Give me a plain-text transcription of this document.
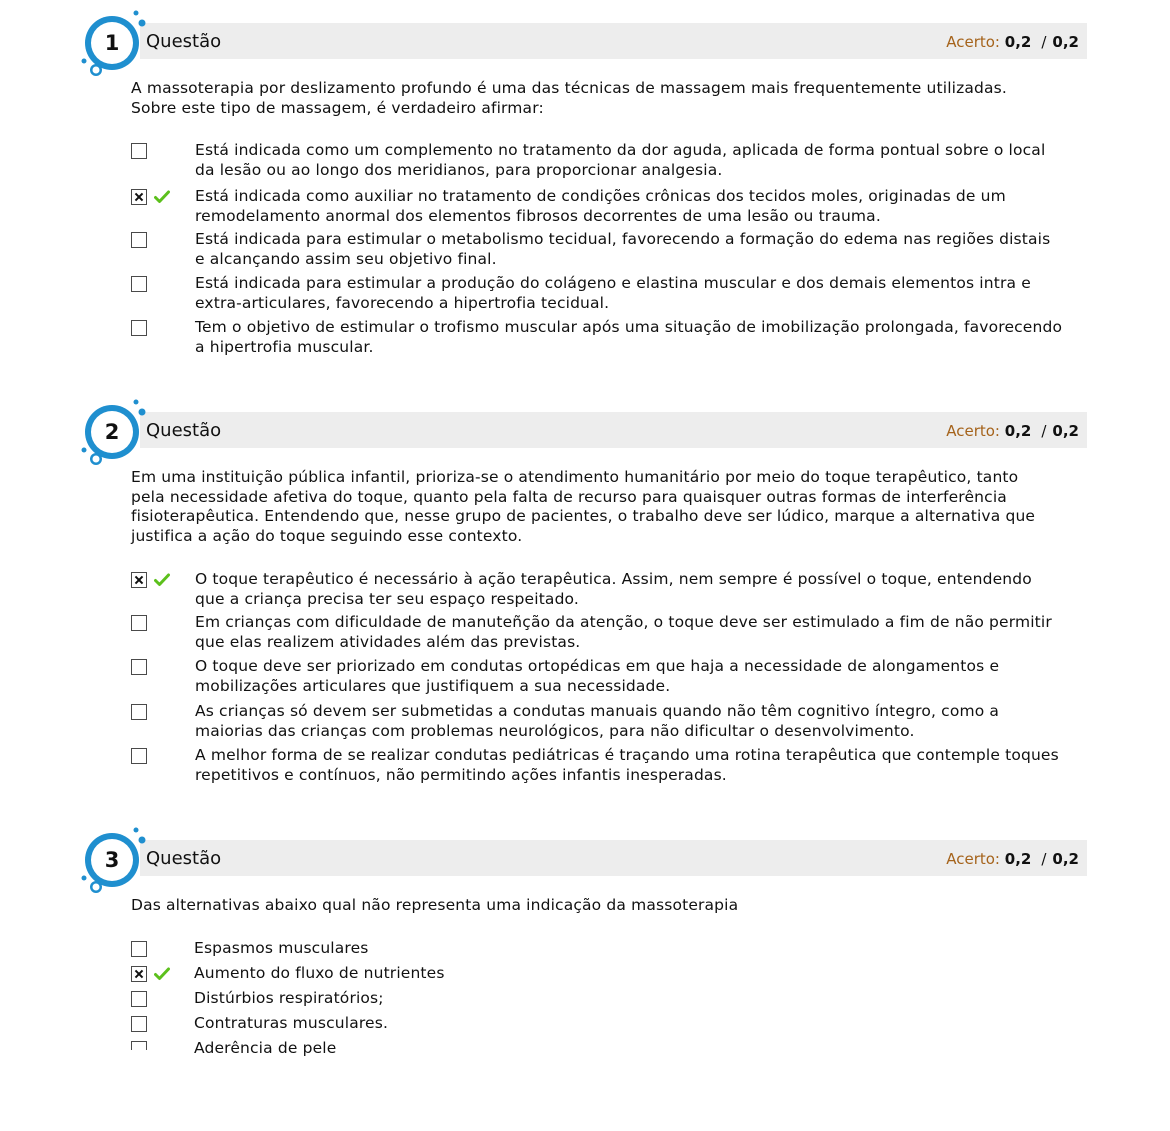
1 Questão	Acerto: 0,2 / 0,2
A massoterapia por deslizamento profundo é uma das técnicas de massagem mais frequentemente utilizadas. Sobre este tipo de massagem, é verdadeiro afirmar:
Está indicada como um complemento no tratamento da dor aguda, aplicada de forma pontual sobre o local da lesão ou ao longo dos meridianos, para proporcionar analgesia.
Está indicada como auxiliar no tratamento de condições crônicas dos tecidos moles, originadas de um remodelamento anormal dos elementos fibrosos decorrentes de uma lesão ou trauma.
Está indicada para estimular o metabolismo tecidual, favorecendo a formação do edema nas regiões distais e alcançando assim seu objetivo final.
Está indicada para estimular a produção do colágeno e elastina muscular e dos demais elementos intra e extra-articulares, favorecendo a hipertrofia tecidual.
Tem o objetivo de estimular o trofismo muscular após uma situação de imobilização prolongada, favorecendo a hipertrofia muscular.
2 Questão	Acerto: 0,2 / 0,2
Em uma instituição pública infantil, prioriza-se o atendimento humanitário por meio do toque terapêutico, tanto pela necessidade afetiva do toque, quanto pela falta de recurso para quaisquer outras formas de interferência fisioterapêutica. Entendendo que, nesse grupo de pacientes, o trabalho deve ser lúdico, marque a alternativa que justifica a ação do toque seguindo esse contexto.
O toque terapêutico é necessário à ação terapêutica. Assim, nem sempre é possível o toque, entendendo que a criança precisa ter seu espaço respeitado.
Em crianças com dificuldade de manuteñção da atenção, o toque deve ser estimulado a fim de não permitir que elas realizem atividades além das previstas.
O toque deve ser priorizado em condutas ortopédicas em que haja a necessidade de alongamentos e mobilizações articulares que justifiquem a sua necessidade.
As crianças só devem ser submetidas a condutas manuais quando não têm cognitivo íntegro, como a maiorias das crianças com problemas neurológicos, para não dificultar o desenvolvimento.
A melhor forma de se realizar condutas pediátricas é traçando uma rotina terapêutica que contemple toques repetitivos e contínuos, não permitindo ações infantis inesperadas.
3 Questão	Acerto: 0,2 / 0,2
Das alternativas abaixo qual não representa uma indicação da massoterapia
Espasmos musculares
Aumento do fluxo de nutrientes
Distúrbios respiratórios;
Contraturas musculares.
Aderência de pele
